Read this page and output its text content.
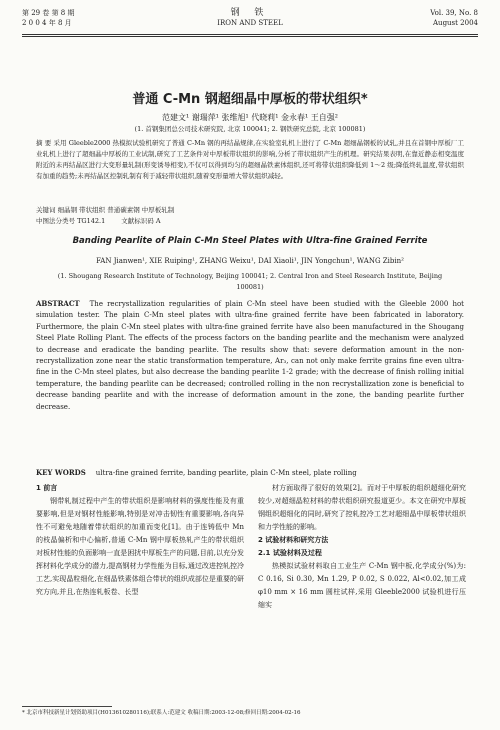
第 29 卷 第 8 期
2 0 0 4 年 8 月
钢 铁
IRON AND STEEL
Vol. 39, No. 8
August 2004
普通 C-Mn 钢超细晶中厚板的带状组织*
范建文¹ 谢瑞萍¹ 张维旭¹ 代晓莉¹ 金永春¹ 王自强²
(1. 首钢集团总公司技术研究院, 北京 100041; 2. 钢铁研究总院, 北京 100081)
摘 要 采用 Gleeble2000 热模拟试验机研究了普通 C-Mn 钢的再结晶规律,在实验室轧机上进行了 C-Mn 超细晶钢板的试轧,并且在首钢中厚板厂工业轧机上进行了超细晶中厚板的工业试制,研究了工艺条件对中厚板带状组织的影响,分析了带状组织产生的机理。研究结果表明,在靠近静态相变温度附近的未再结晶区进行大变形量轧制(形变诱导相变),不仅可以得到均匀的超细晶铁素体组织,还可将带状组织降低到 1～2 级;降低终轧温度,带状组织有加重的趋势;未再结晶区控制轧制有利于减轻带状组织,随着变形量增大带状组织减轻。
关键词 细晶钢 带状组织 普通碳素钢 中厚板轧制
中图法分类号 TG142.1 文献标识码 A
Banding Pearlite of Plain C-Mn Steel Plates with Ultra-fine Grained Ferrite
FAN Jianwen¹, XIE Ruiping¹, ZHANG Weixu¹, DAI Xiaoli¹, JIN Yongchun¹, WANG Zibin²
(1. Shougang Research Institute of Technology, Beijing 100041; 2. Central Iron and Steel Research Institute, Beijing 100081)
ABSTRACT The recrystallization regularities of plain C-Mn steel have been studied with the Gleeble 2000 hot simulation tester. The plain C-Mn steel plates with ultra-fine grained ferrite have been fabricated in laboratory. Furthermore, the plain C-Mn steel plates with ultra-fine grained ferrite have also been manufactured in the Shougang Steel Plate Rolling Plant. The effects of the process factors on the banding pearlite and the mechanism were analyzed to decrease and eradicate the banding pearlite. The results show that: severe deformation amount in the non-recrystallization zone near the static transformation temperature, Ar₃, can not only make ferrite grains fine even ultra-fine in the C-Mn steel plates, but also decrease the banding pearlite 1-2 grade; with the decrease of finish rolling initial temperature, the banding pearlite can be decreased; controlled rolling in the non recrystallization zone is beneficial to decrease banding pearlite and with the increase of deformation amount in the zone, the banding pearlite further decrease.
KEY WORDS ultra-fine grained ferrite, banding pearlite, plain C-Mn steel, plate rolling
1 前言

钢带轧制过程中产生的带状组织是影响材料的强度性能及有重要影响,但是对钢材性能影响,特别是对冲击韧性有重要影响,各向异性不可避免地随着带状组织的加重而变化[1]。由于连铸低中 Mn 的枝晶偏析和中心偏析,普通 C-Mn 钢中厚板热轧产生的带状组织对板材性能的负面影响一直是困扰中厚板生产的问题,目前,以充分发挥材料化学成分的潜力,提高钢材力学性能为目标,通过改进控轧控冷工艺,实现晶粒细化,在细晶铁素体组合带状的组织成部位是重要的研究方向,并且,在热连轧板卷、长型

材方面取得了很好的效果[2]。而对于中厚板的组织超细化研究较少,对超细晶粒材料的带状组织研究报道更少。本文在研究中厚板钢组织超细化的同时,研究了控轧控冷工艺对超细晶中厚板带状组织和力学性能的影响。

2 试验材料和研究方法
2.1 试验材料及过程

热模拟试验材料取自工业生产 C-Mn 钢中板,化学成分(%)为: C 0.16, Si 0.30, Mn 1.29, P 0.02, S 0.022, Al<0.02,加工成 φ10 mm × 16 mm 圆柱试样,采用 Gleeble2000 试验机进行压缩实

* 北京市科技新星计划资助项目(H013610280116);联系人:范建文 收稿日期:2003-12-08;修回日期:2004-02-16
